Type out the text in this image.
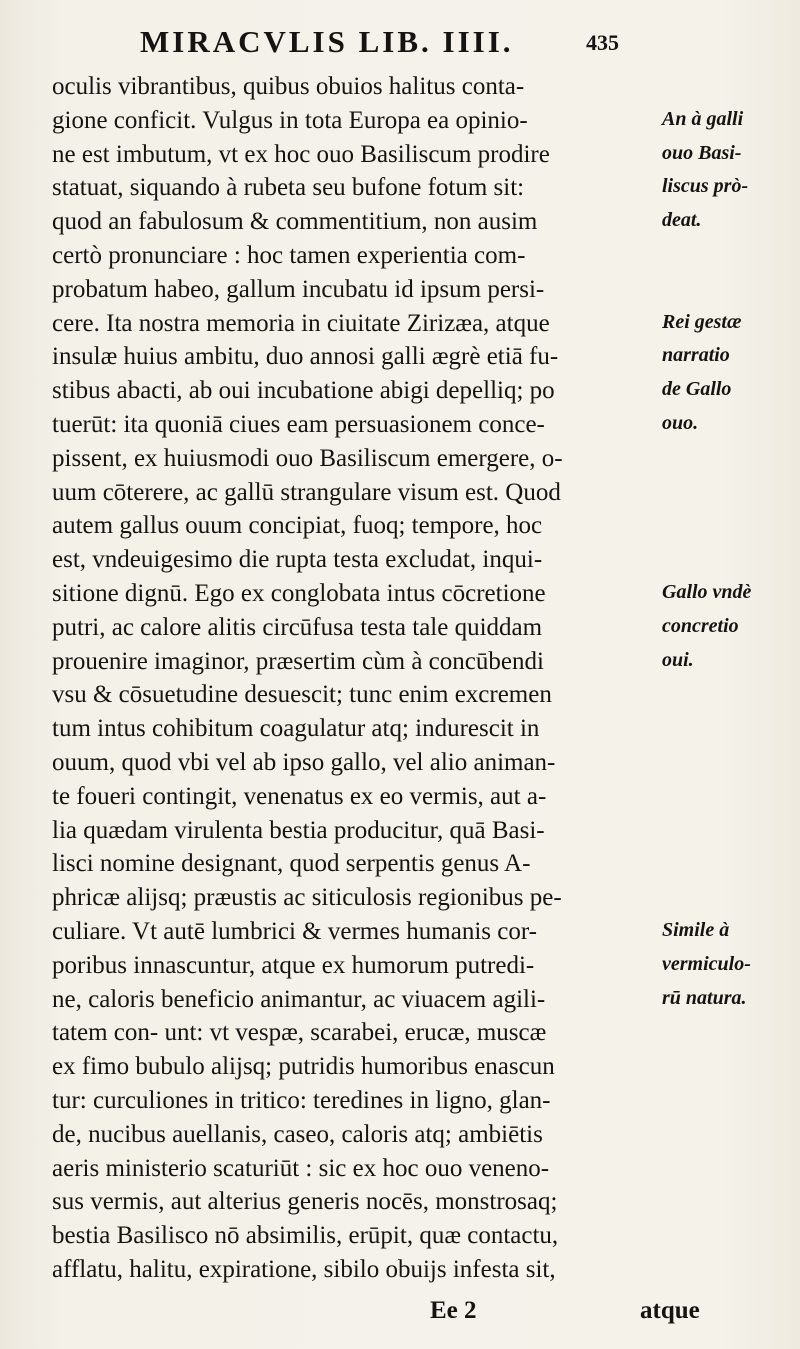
MIRACVLIS LIB. IIII.	435
oculis vibrantibus, quibus obuios halitus conta-
gione conficit. Vulgus in tota Europa ea opinio-
ne est imbutum, vt ex hoc ouo Basiliscum prodire
statuat, siquando à rubeta seu bufone fotum sit:
quod an fabulosum & commentitium, non ausim
certò pronunciare : hoc tamen experientia com-
probatum habeo, gallum incubatu id ipsum persi-
cere. Ita nostra memoria in ciuitate Zirizæa, atque
insulæ huius ambitu, duo annosi galli ægrè etiā fu-
stibus abacti, ab oui incubatione abigi depelliq; po
tuerūt: ita quoniā ciues eam persuasionem conce-
pissent, ex huiusmodi ouo Basiliscum emergere, o-
uum cōterere, ac gallū strangulare visum est. Quod
autem gallus ouum concipiat, fuoq; tempore, hoc
est, vndeuigesimo die rupta testa excludat, inqui-
sitione dignū. Ego ex conglobata intus cōcretione
putri, ac calore alitis circūfusa testa tale quiddam
prouenire imaginor, præsertim cùm à concūbendi
vsu & cōsuetudine desuescit; tunc enim excremen
tum intus cohibitum coagulatur atq; indurescit in
ouum, quod vbi vel ab ipso gallo, vel alio animan-
te foueri contingit, venenatus ex eo vermis, aut a-
lia quædam virulenta bestia producitur, quā Basi-
lisci nomine designant, quod serpentis genus A-
phricæ alijsq; præustis ac siticulosis regionibus pe-
culiare. Vt autē lumbrici & vermes humanis cor-
poribus innascuntur, atque ex humorum putredi-
ne, caloris beneficio animantur, ac viuacem agili-
tatem con- unt: vt vespæ, scarabei, erucæ, muscæ
ex fimo bubulo alijsq; putridis humoribus enascun
tur: curculiones in tritico: teredines in ligno, glan-
de, nucibus auellanis, caseo, caloris atq; ambiētis
aeris ministerio scaturiūt : sic ex hoc ouo veneno-
sus vermis, aut alterius generis nocēs, monstrosaq;
bestia Basilisco nō absimilis, erūpit, quæ contactu,
afflatu, halitu, expiratione, sibilo obuijs infesta sit,
An à galli
ouo Basi-
liscus prò-
deat.
Rei gestæ
narratio
de Gallo
ouo.
Gallo vndè
concretio
oui.
Simile à
vermiculo-
rū natura.
Ee 2	atque
